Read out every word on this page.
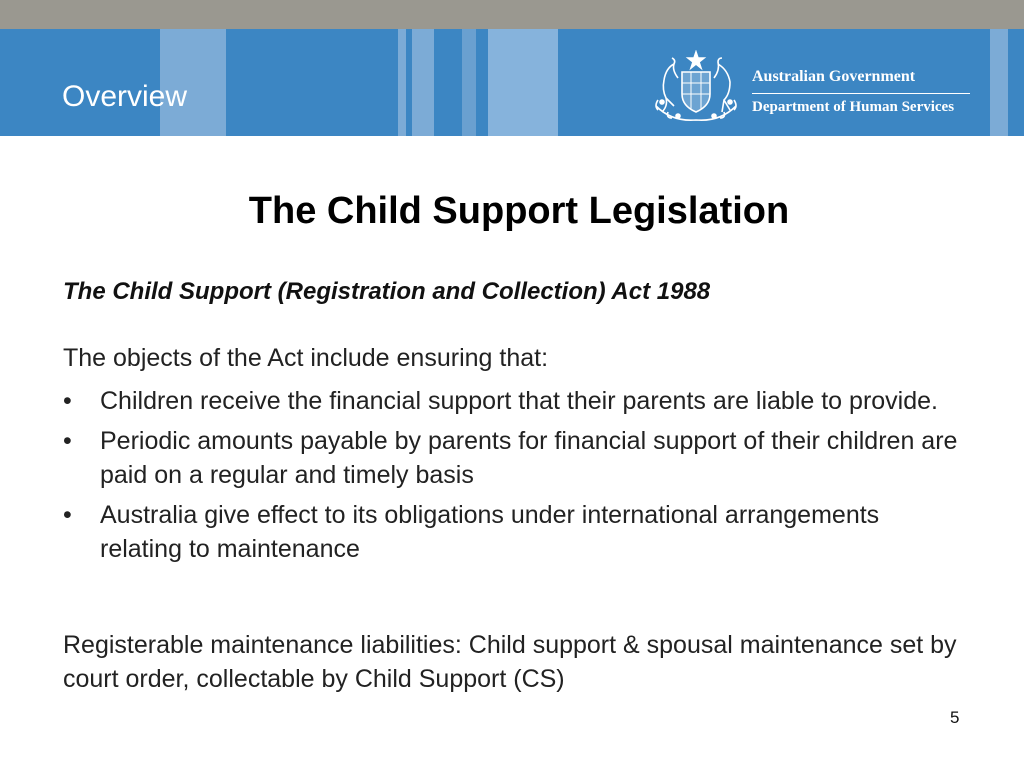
Overview
Australian Government
Department of Human Services
The Child Support Legislation
The Child Support (Registration and Collection) Act 1988
The objects of the Act include ensuring that:
• Children receive the financial support that their parents are liable to provide.
• Periodic amounts payable by parents for financial support of their children are paid on a regular and timely basis
• Australia give effect to its obligations under international arrangements relating to maintenance
Registerable maintenance liabilities: Child support & spousal maintenance set by court order, collectable by Child Support (CS)
5
